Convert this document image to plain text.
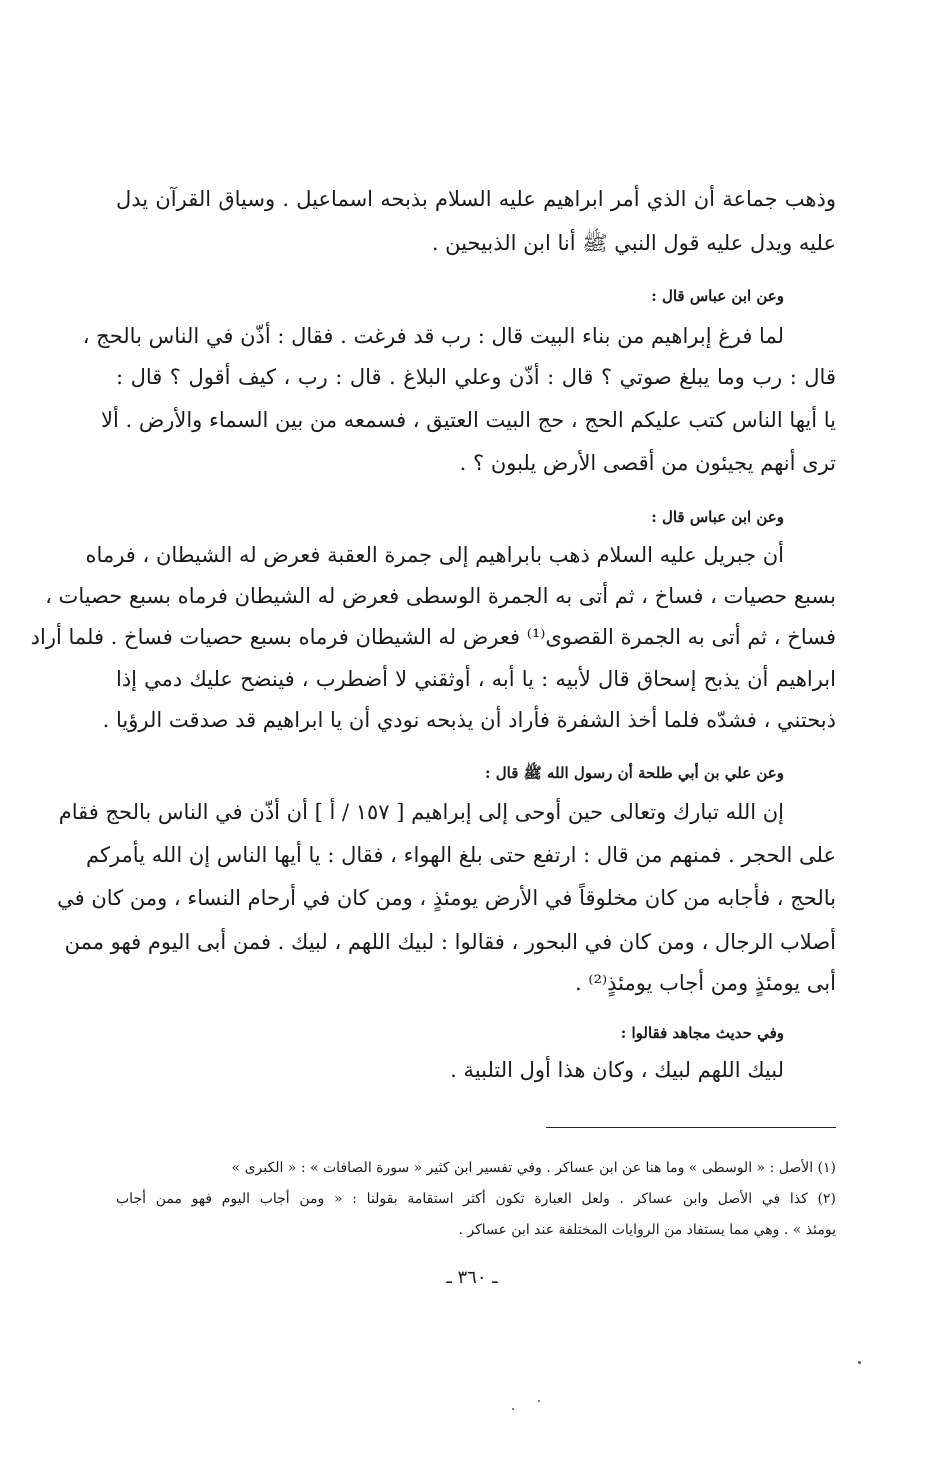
وذهب جماعة أن الذي أمر ابراهيم عليه السلام بذبحه اسماعيل . وسياق القرآن يدل
عليه ويدل عليه قول النبي ﷺ أنا ابن الذبيحين .
وعن ابن عباس قال :
لما فرغ إبراهيم من بناء البيت قال : رب قد فرغت . فقال : أذّن في الناس بالحج ،
قال : رب وما يبلغ صوتي ؟ قال : أذّن وعلي البلاغ . قال : رب ، كيف أقول ؟ قال :
يا أيها الناس كتب عليكم الحج ، حج البيت العتيق ، فسمعه من بين السماء والأرض . ألا
ترى أنهم يجيئون من أقصى الأرض يلبون ؟ .
وعن ابن عباس قال :
أن جبريل عليه السلام ذهب بابراهيم إلى جمرة العقبة فعرض له الشيطان ، فرماه
بسبع حصيات ، فساخ ، ثم أتى به الجمرة الوسطى فعرض له الشيطان فرماه بسبع حصيات ،
فساخ ، ثم أتى به الجمرة القصوى⁽¹⁾ فعرض له الشيطان فرماه بسبع حصيات فساخ . فلما أراد
ابراهيم أن يذبح إسحاق قال لأبيه : يا أبه ، أوثقني لا أضطرب ، فينضح عليك دمي إذا
ذبحتني ، فشدّه فلما أخذ الشفرة فأراد أن يذبحه نودي أن يا ابراهيم قد صدقت الرؤيا .
وعن علي بن أبي طلحة أن رسول الله ﷺ قال :
إن الله تبارك وتعالى حين أوحى إلى إبراهيم [ ١٥٧ / أ ] أن أذّن في الناس بالحج فقام
على الحجر . فمنهم من قال : ارتفع حتى بلغ الهواء ، فقال : يا أيها الناس إن الله يأمركم
بالحج ، فأجابه من كان مخلوقاً في الأرض يومئذٍ ، ومن كان في أرحام النساء ، ومن كان في
أصلاب الرجال ، ومن كان في البحور ، فقالوا : لبيك اللهم ، لبيك . فمن أبى اليوم فهو ممن
أبى يومئذٍ ومن أجاب يومئذٍ⁽²⁾ .
وفي حديث مجاهد فقالوا :
لبيك اللهم لبيك ، وكان هذا أول التلبية .
(١) الأصل : « الوسطى » وما هنا عن ابن عساكر . وفي تفسير ابن كثير « سورة الصافات » : « الكبرى »
(٢) كذا في الأصل وابن عساكر . ولعل العبارة تكون أكثر استقامة بقولنا : « ومن أجاب اليوم فهو ممن أجاب
يومئذ » . وهي مما يستفاد من الروايات المختلفة عند ابن عساكر .
ـ ٣٦٠ ـ
